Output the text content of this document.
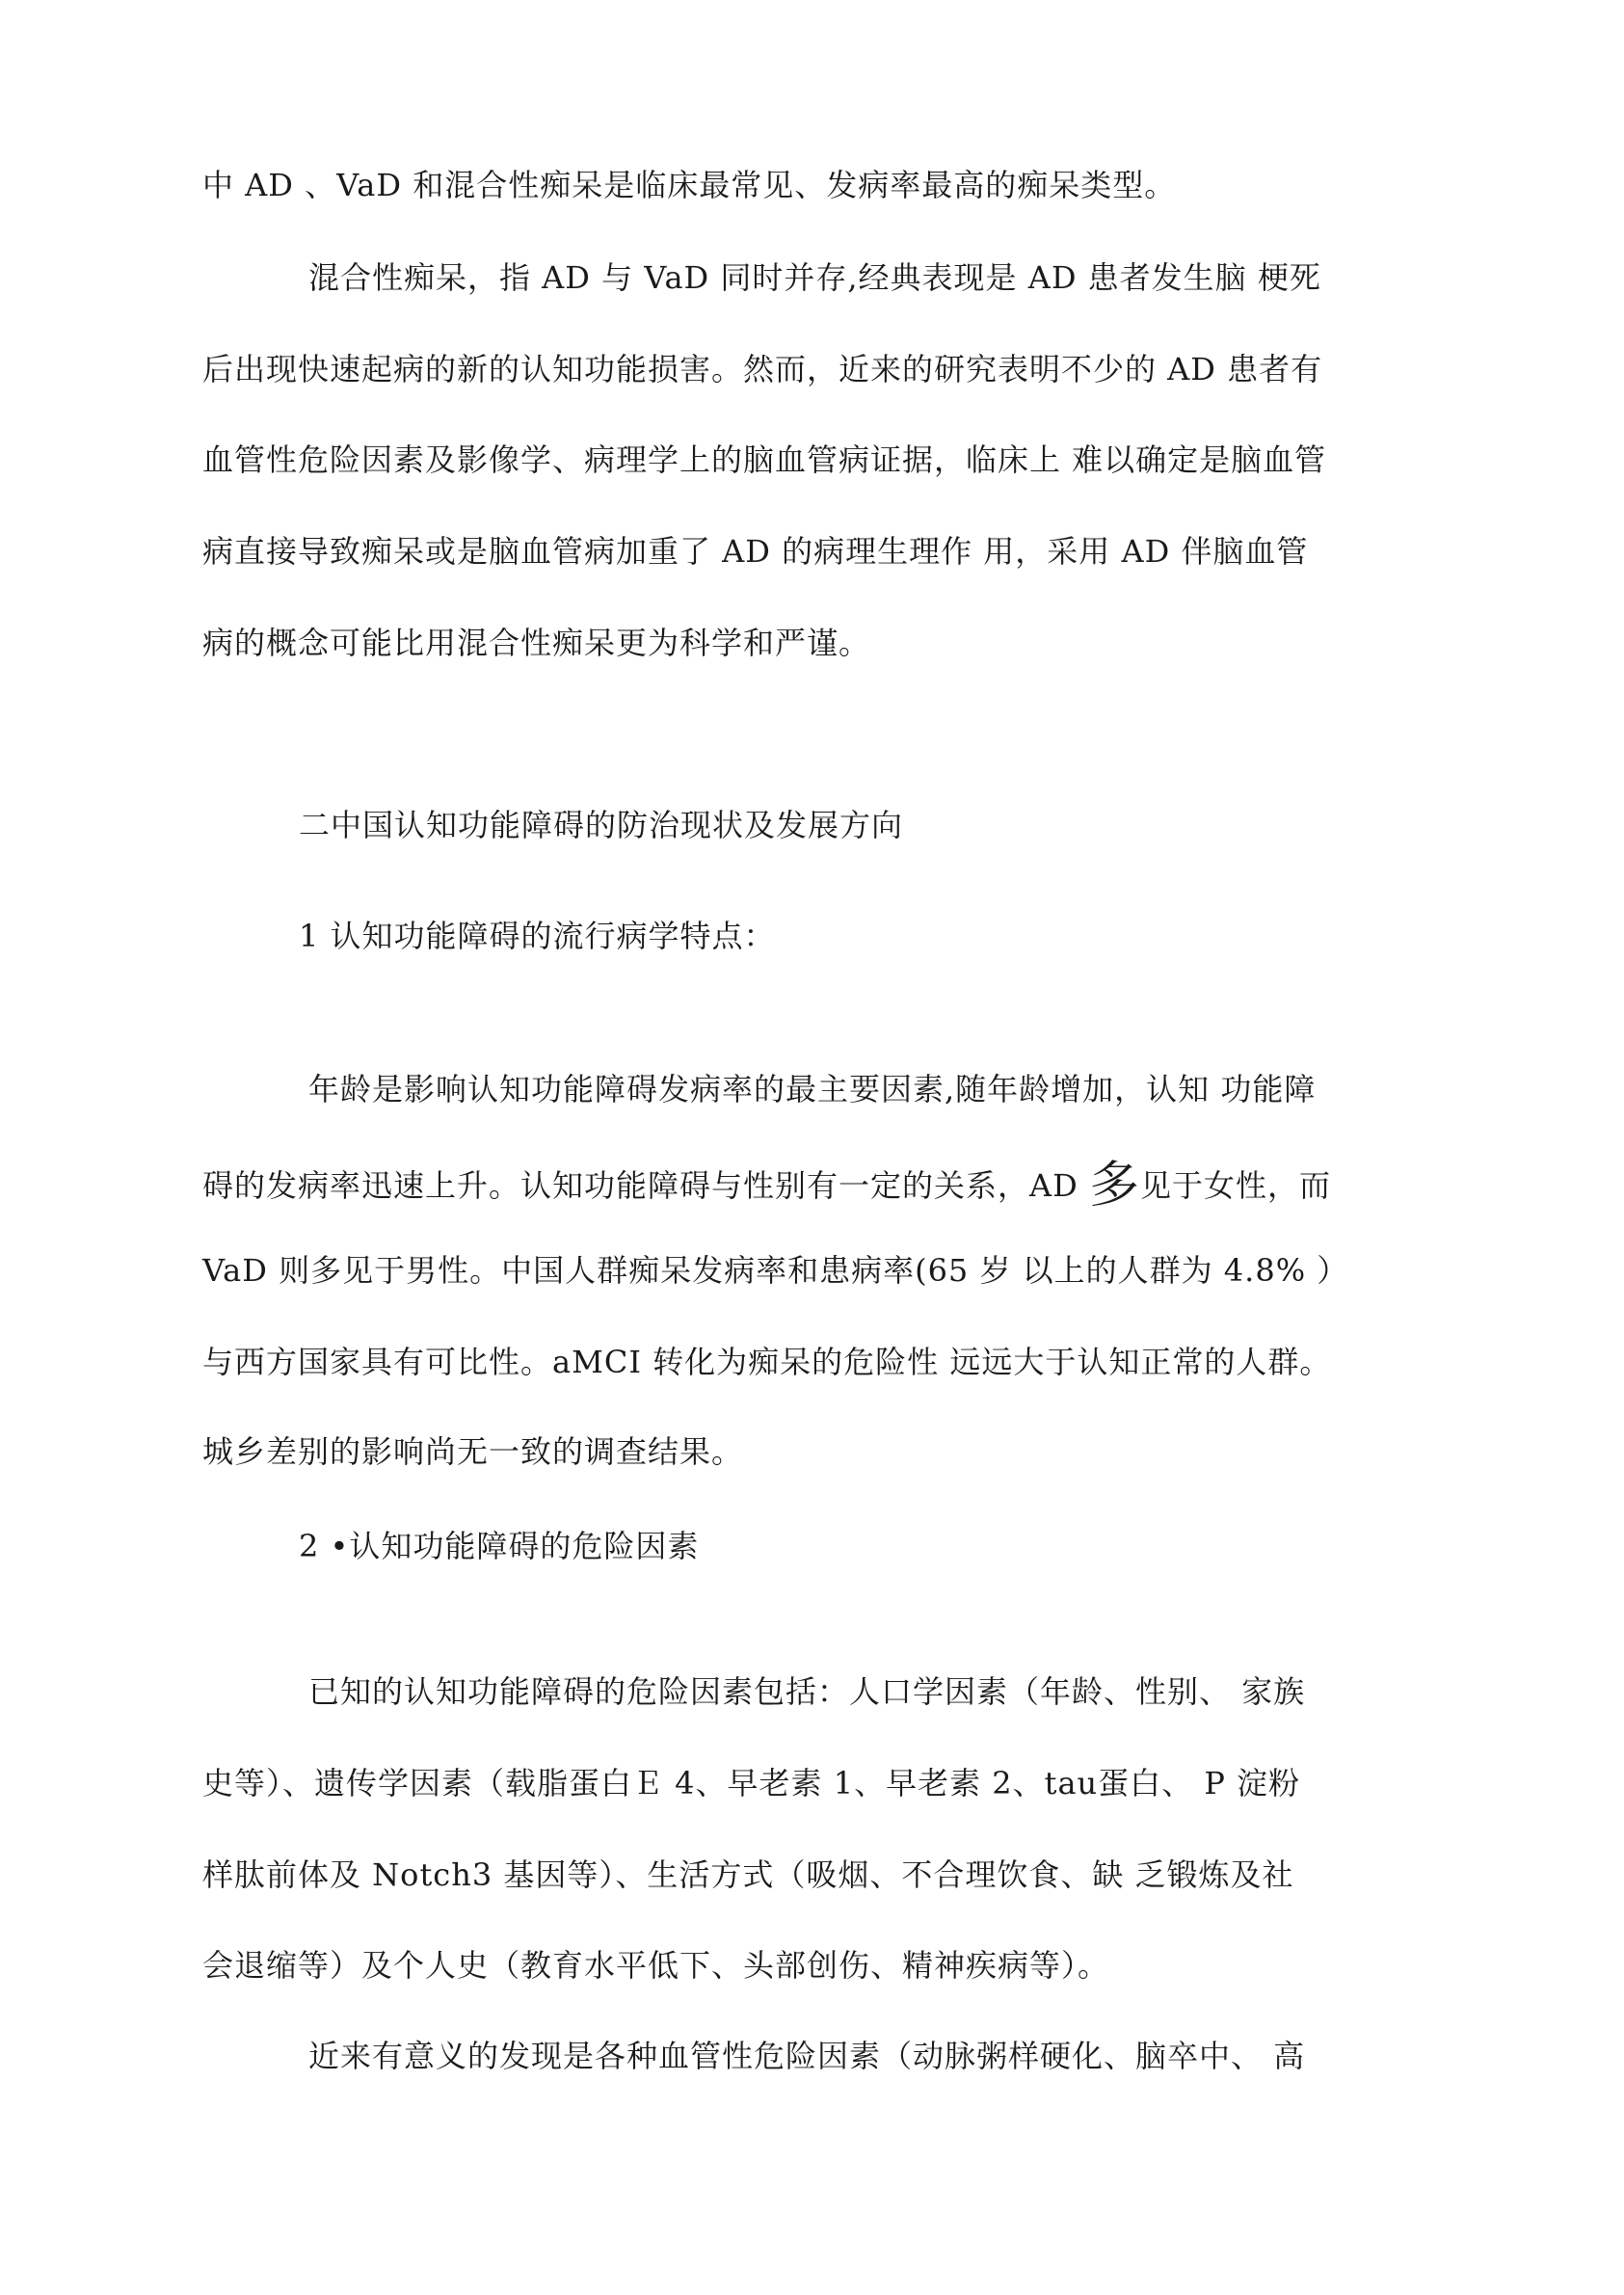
中 AD 、VaD 和混合性痴呆是临床最常见、发病率最高的痴呆类型。
混合性痴呆，指 AD 与 VaD 同时并存,经典表现是 AD 患者发生脑 梗死
后出现快速起病的新的认知功能损害。然而，近来的研究表明不少的 AD 患者有
血管性危险因素及影像学、病理学上的脑血管病证据，临床上 难以确定是脑血管
病直接导致痴呆或是脑血管病加重了 AD 的病理生理作 用，采用 AD 伴脑血管
病的概念可能比用混合性痴呆更为科学和严谨。
二中国认知功能障碍的防治现状及发展方向
1 认知功能障碍的流行病学特点：
年龄是影响认知功能障碍发病率的最主要因素,随年龄增加，认知 功能障
碍的发病率迅速上升。认知功能障碍与性别有一定的关系，AD 多见于女性，而
VaD 则多见于男性。中国人群痴呆发病率和患病率(65 岁 以上的人群为 4.8% ）
与西方国家具有可比性。aMCI 转化为痴呆的危险性 远远大于认知正常的人群。
城乡差别的影响尚无一致的调查结果。
2 •认知功能障碍的危险因素
已知的认知功能障碍的危险因素包括：人口学因素（年龄、性别、 家族
史等）、遗传学因素（载脂蛋白Ｅ 4、早老素 1、早老素 2、tau蛋白、 P 淀粉
样肽前体及 Notch3 基因等）、生活方式（吸烟、不合理饮食、缺 乏锻炼及社
会退缩等）及个人史（教育水平低下、头部创伤、精神疾病等）。
近来有意义的发现是各种血管性危险因素（动脉粥样硬化、脑卒中、 高
